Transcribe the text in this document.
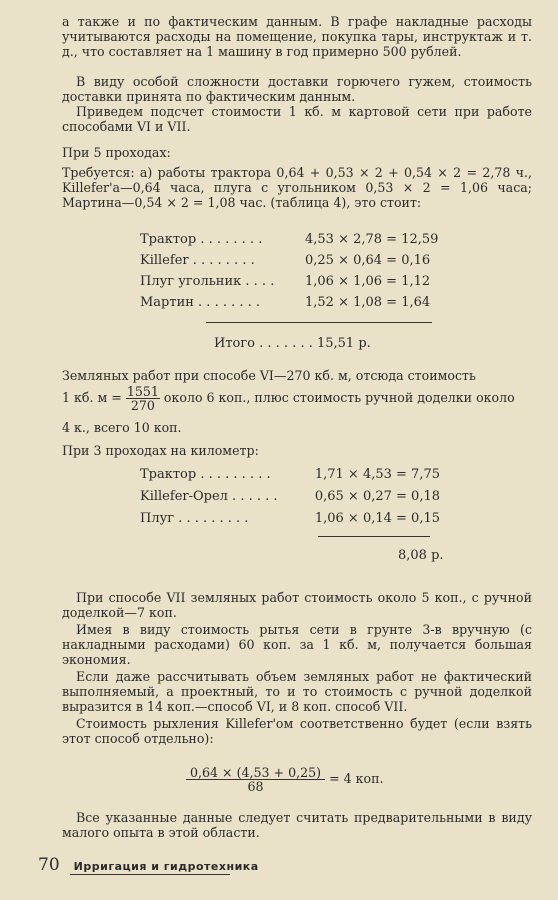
а также и по фактическим данным. В графе накладные расходы учитываются расходы на помещение, покупка тары, инструктаж и т. д., что составляет на 1 машину в год примерно 500 рублей.

В виду особой сложности доставки горючего гужем, стоимость доставки принята по фактическим данным.

Приведем подсчет стоимости 1 кб. м картовой сети при работе способами VI и VII.

При 5 проходах:

Требуется: а) работы трактора 0,64 + 0,53 × 2 + 0,54 × 2 = 2,78 ч., Killefer'a—0,64 часа, плуга с угольником 0,53 × 2 = 1,06 часа; Мартина—0,54 × 2 = 1,08 час. (таблица 4), это стоит:

Трактор . . . . . . . .	4,53 × 2,78 = 12,59
Killefer . . . . . . . .	0,25 × 0,64 = 0,16
Плуг угольник . . . .	1,06 × 1,06 = 1,12
Мартин . . . . . . . .	1,52 × 1,08 = 1,64
Итого . . . . . . . 15,51 р.

Земляных работ при способе VI—270 кб. м, отсюда стоимость

1 кб. $м = \frac{1551}{270}$ около 6 коп., плюс стоимость ручной доделки около

4 к., всего 10 коп.

При 3 проходах на километр:

Трактор . . . . . . . . .	1,71 × 4,53 = 7,75
Killefer-Орел . . . . . .	0,65 × 0,27 = 0,18
Плуг . . . . . . . . .	1,06 × 0,14 = 0,15
8,08 р.

При способе VII земляных работ стоимость около 5 коп., с ручной доделкой—7 коп.

Имея в виду стоимость рытья сети в грунте 3-в вручную (с накладными расходами) 60 коп. за 1 кб. м, получается большая экономия.

Если даже рассчитывать объем земляных работ не фактический выполняемый, а проектный, то и то стоимость с ручной доделкой выразится в 14 коп.—способ VI, и 8 коп. способ VII.

Стоимость рыхления Killefer'ом соответственно будет (если взять этот способ отдельно):

$\frac{0,64 \times (4,53 + 0,25)}{68} = 4$ коп.

Все указанные данные следует считать предварительными в виду малого опыта в этой области.

70 Ирригация и гидротехника
